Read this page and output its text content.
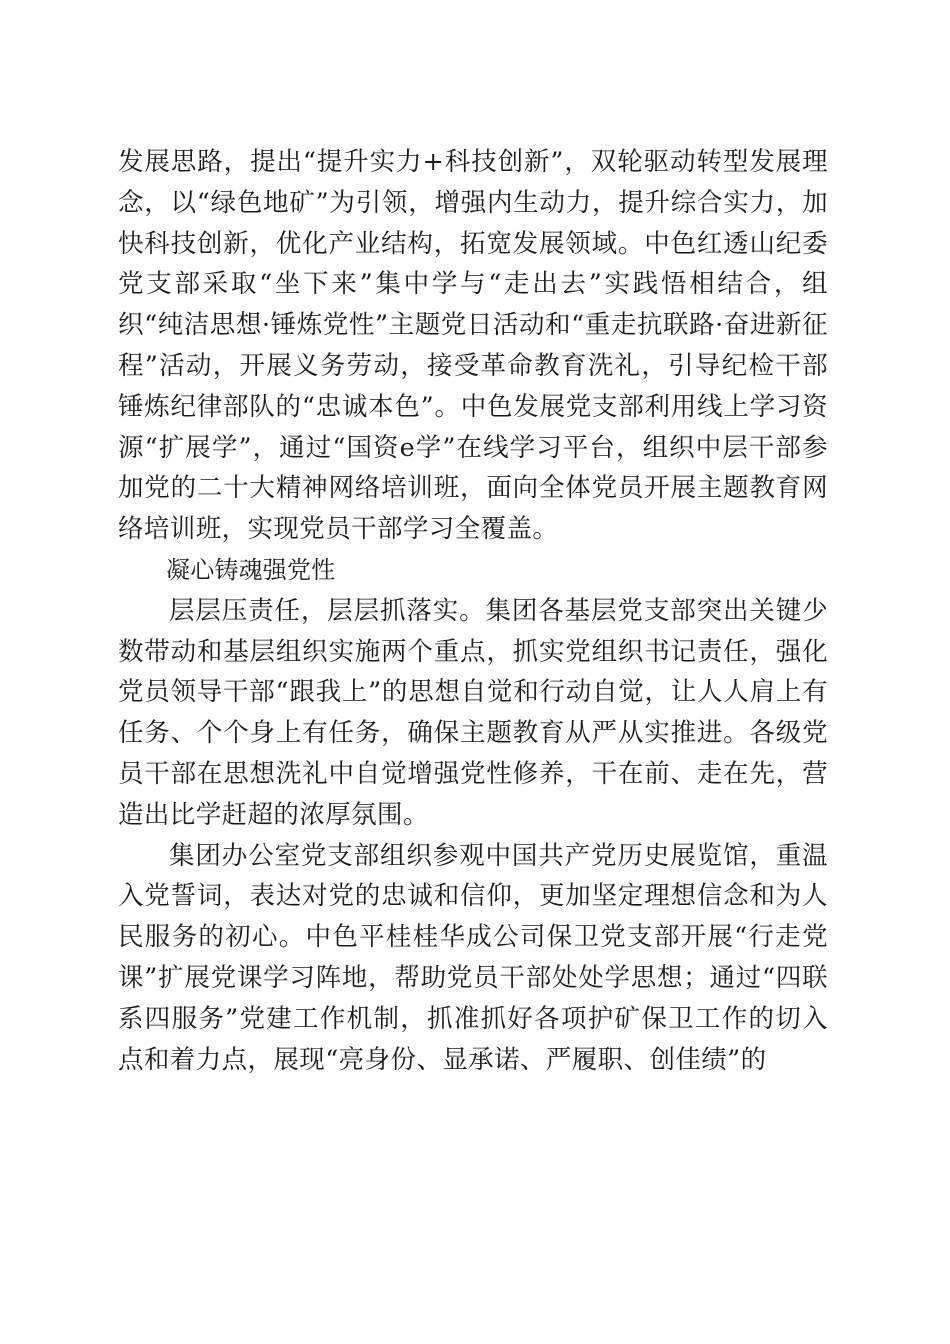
发展思路，提出“提升实力+科技创新”，双轮驱动转型发展理念，以“绿色地矿”为引领，增强内生动力，提升综合实力，加快科技创新，优化产业结构，拓宽发展领域。中色红透山纪委党支部采取“坐下来”集中学与“走出去”实践悟相结合，组织“纯洁思想·锤炼党性”主题党日活动和“重走抗联路·奋进新征程”活动，开展义务劳动，接受革命教育洗礼，引导纪检干部锤炼纪律部队的“忠诚本色”。中色发展党支部利用线上学习资源“扩展学”，通过“国资e学”在线学习平台，组织中层干部参加党的二十大精神网络培训班，面向全体党员开展主题教育网络培训班，实现党员干部学习全覆盖。

凝心铸魂强党性

层层压责任，层层抓落实。集团各基层党支部突出关键少数带动和基层组织实施两个重点，抓实党组织书记责任，强化党员领导干部“跟我上”的思想自觉和行动自觉，让人人肩上有任务、个个身上有任务，确保主题教育从严从实推进。各级党员干部在思想洗礼中自觉增强党性修养，干在前、走在先，营造出比学赶超的浓厚氛围。

集团办公室党支部组织参观中国共产党历史展览馆，重温入党誓词，表达对党的忠诚和信仰，更加坚定理想信念和为人民服务的初心。中色平桂桂华成公司保卫党支部开展“行走党课”扩展党课学习阵地，帮助党员干部处处学思想；通过“四联系四服务”党建工作机制，抓准抓好各项护矿保卫工作的切入点和着力点，展现“亮身份、显承诺、严履职、创佳绩”的
